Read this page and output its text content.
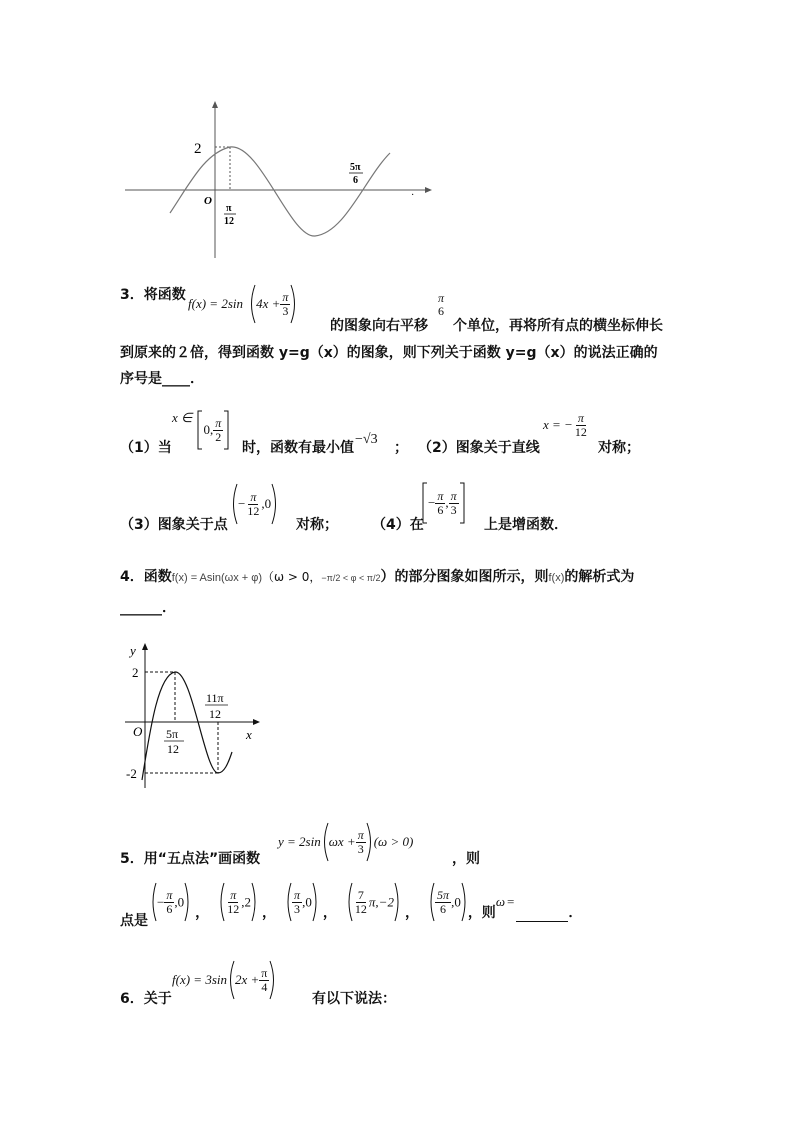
2
O
π
12
5π
6
·
3．将函数
f(x) = 2sin $4x + \frac{\pi}{3}$
的图象向右平移
π
6
个单位，再将所有点的横坐标伸长
到原来的２倍，得到函数 y=g（x）的图象，则下列关于函数 y=g（x）的说法正确的
序号是____．
（1）当
$^{x \in}$ 0, $\frac{\pi}{2}$
时，函数有最小值
−√3
； （2）图象关于直线
x = − $\frac{\pi}{12}$
对称；
（3）图象关于点
− $\frac{\pi}{12} ,0$
对称； （4）在
− $\frac{\pi}{6}$ , $\frac{\pi}{3}$
上是增函数．
4．函数f(x) = Asin(ωx + φ)（ω > 0，−π/2 < φ < π/2）的部分图象如图所示，则f(x)的解析式为
______．
y
x
O
2
-2
5π
12
11π
12
5．用“五点法”画函数
y = 2sin $\omega x + \frac{\pi}{3} (\omega > 0)$
，则
点是
− $\frac{\pi}{6} ,0$， $\frac{\pi}{12} ,2$， $\frac{\pi}{3} ,0$， $\frac{7}{12} \pi,-2$， $\frac{5\pi}{6} ,0$，则ω =．
6．关于
f(x) = 3sin $2x + \frac{\pi}{4}$
有以下说法：
